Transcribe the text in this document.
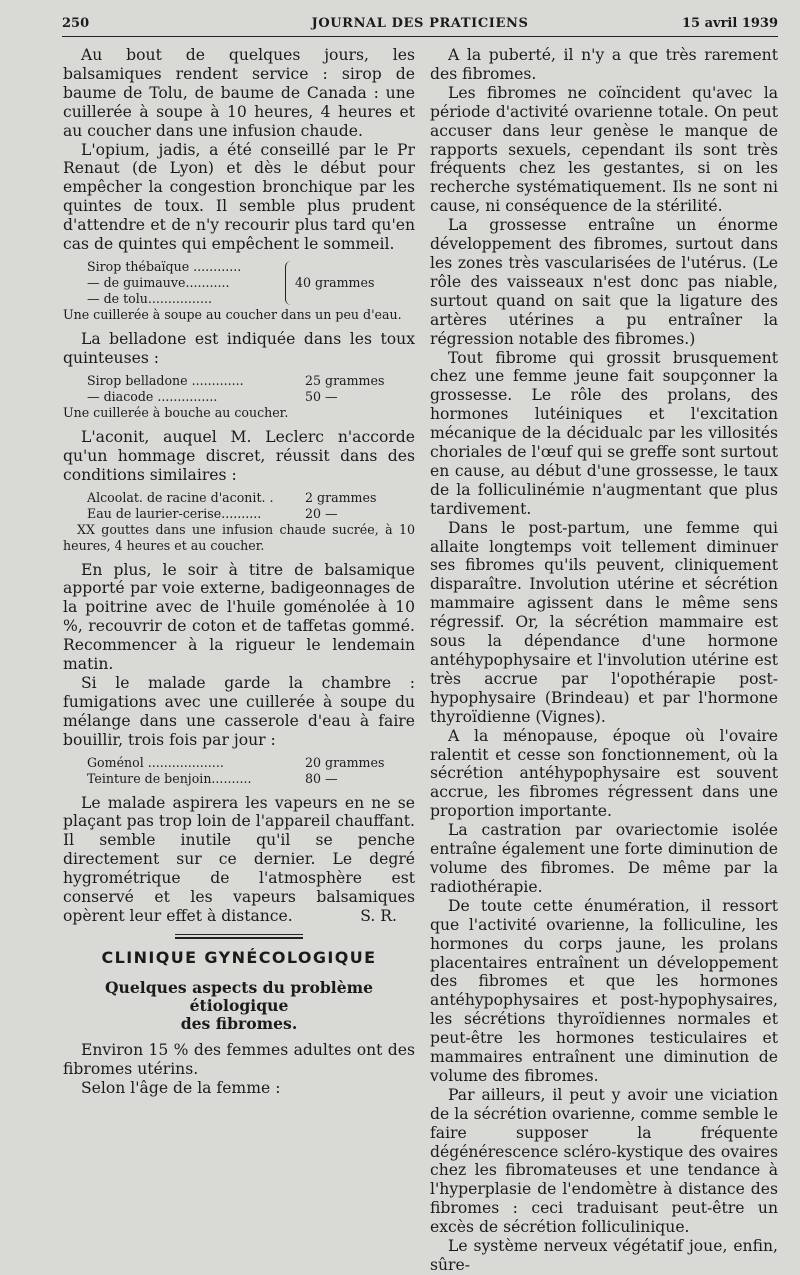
250	JOURNAL DES PRATICIENS	15 avril 1939

Au bout de quelques jours, les balsamiques rendent service : sirop de baume de Tolu, de baume de Canada : une cuillerée à soupe à 10 heures, 4 heures et au coucher dans une infusion chaude.

L'opium, jadis, a été conseillé par le Pr Renaut (de Lyon) et dès le début pour empêcher la congestion bronchique par les quintes de toux. Il semble plus prudent d'attendre et de n'y recourir plus tard qu'en cas de quintes qui empêchent le sommeil.

Sirop thébaïque ............
— de guimauve...........
— de tolu................
40 grammes
Une cuillerée à soupe au coucher dans un peu d'eau.

La belladone est indiquée dans les toux quinteuses :

Sirop belladone .............	25 grammes
— diacode ...............	50 —
Une cuillerée à bouche au coucher.

L'aconit, auquel M. Leclerc n'accorde qu'un hommage discret, réussit dans des conditions similaires :

Alcoolat. de racine d'aconit. .	2 grammes
Eau de laurier-cerise..........	20 —
XX gouttes dans une infusion chaude sucrée, à 10 heures, 4 heures et au coucher.

En plus, le soir à titre de balsamique apporté par voie externe, badigeonnages de la poitrine avec de l'huile goménolée à 10 %, recouvrir de coton et de taffetas gommé. Recommencer à la rigueur le lendemain matin.

Si le malade garde la chambre : fumigations avec une cuillerée à soupe du mélange dans une casserole d'eau à faire bouillir, trois fois par jour :

Goménol ...................	20 grammes
Teinture de benjoin..........	80 —

Le malade aspirera les vapeurs en ne se plaçant pas trop loin de l'appareil chauffant. Il semble inutile qu'il se penche directement sur ce dernier. Le degré hygrométrique de l'atmosphère est conservé et les vapeurs balsamiques opèrent leur effet à distance.	S. R.

CLINIQUE GYNÉCOLOGIQUE
Quelques aspects du problème étiologique
des fibromes.

Environ 15 % des femmes adultes ont des fibromes utérins.

Selon l'âge de la femme :

A la puberté, il n'y a que très rarement des fibromes.

Les fibromes ne coïncident qu'avec la période d'activité ovarienne totale. On peut accuser dans leur genèse le manque de rapports sexuels, cependant ils sont très fréquents chez les gestantes, si on les recherche systématiquement. Ils ne sont ni cause, ni conséquence de la stérilité.

La grossesse entraîne un énorme développement des fibromes, surtout dans les zones très vascularisées de l'utérus. (Le rôle des vaisseaux n'est donc pas niable, surtout quand on sait que la ligature des artères utérines a pu entraîner la régression notable des fibromes.)

Tout fibrome qui grossit brusquement chez une femme jeune fait soupçonner la grossesse. Le rôle des prolans, des hormones lutéiniques et l'excitation mécanique de la décidualc par les villosités choriales de l'œuf qui se greffe sont surtout en cause, au début d'une grossesse, le taux de la folliculinémie n'augmentant que plus tardivement.

Dans le post-partum, une femme qui allaite longtemps voit tellement diminuer ses fibromes qu'ils peuvent, cliniquement disparaître. Involution utérine et sécrétion mammaire agissent dans le même sens régressif. Or, la sécrétion mammaire est sous la dépendance d'une hormone antéhypophysaire et l'involution utérine est très accrue par l'opothérapie post-hypophysaire (Brindeau) et par l'hormone thyroïdienne (Vignes).

A la ménopause, époque où l'ovaire ralentit et cesse son fonctionnement, où la sécrétion antéhypophysaire est souvent accrue, les fibromes régressent dans une proportion importante.

La castration par ovariectomie isolée entraîne également une forte diminution de volume des fibromes. De même par la radiothérapie.

De toute cette énumération, il ressort que l'activité ovarienne, la folliculine, les hormones du corps jaune, les prolans placentaires entraînent un développement des fibromes et que les hormones antéhypophysaires et post-hypophysaires, les sécrétions thyroïdiennes normales et peut-être les hormones testiculaires et mammaires entraînent une diminution de volume des fibromes.

Par ailleurs, il peut y avoir une viciation de la sécrétion ovarienne, comme semble le faire supposer la fréquente dégénérescence scléro-kystique des ovaires chez les fibromateuses et une tendance à l'hyperplasie de l'endomètre à distance des fibromes : ceci traduisant peut-être un excès de sécrétion folliculinique.

Le système nerveux végétatif joue, enfin, sûre-
